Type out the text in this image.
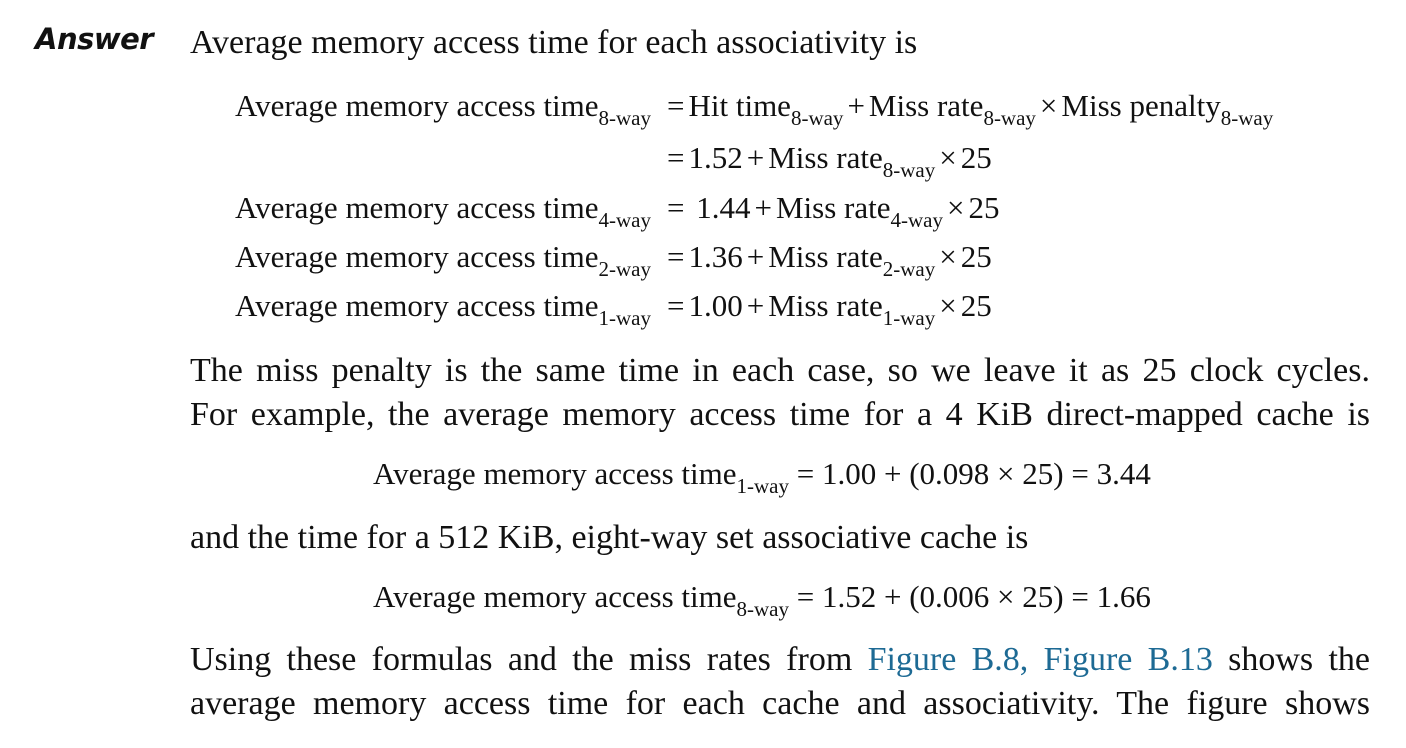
Answer Average memory access time for each associativity is
Average memory access time$_{8-way}$ = Hit time$_{8-way}$ + Miss rate$_{8-way}$ × Miss penalty$_{8-way}$
= 1.52 + Miss rate$_{8-way}$ × 25
Average memory access time$_{4-way}$ = 1.44 + Miss rate$_{4-way}$ × 25
Average memory access time$_{2-way}$ = 1.36 + Miss rate$_{2-way}$ × 25
Average memory access time$_{1-way}$ = 1.00 + Miss rate$_{1-way}$ × 25
The miss penalty is the same time in each case, so we leave it as 25 clock cycles.
For example, the average memory access time for a 4 KiB direct-mapped cache is
Average memory access time$_{1-way}$ = 1.00 + (0.098 × 25) = 3.44
and the time for a 512 KiB, eight-way set associative cache is
Average memory access time$_{8-way}$ = 1.52 + (0.006 × 25) = 1.66
Using these formulas and the miss rates from Figure B.8, Figure B.13 shows the
average memory access time for each cache and associativity. The figure shows
